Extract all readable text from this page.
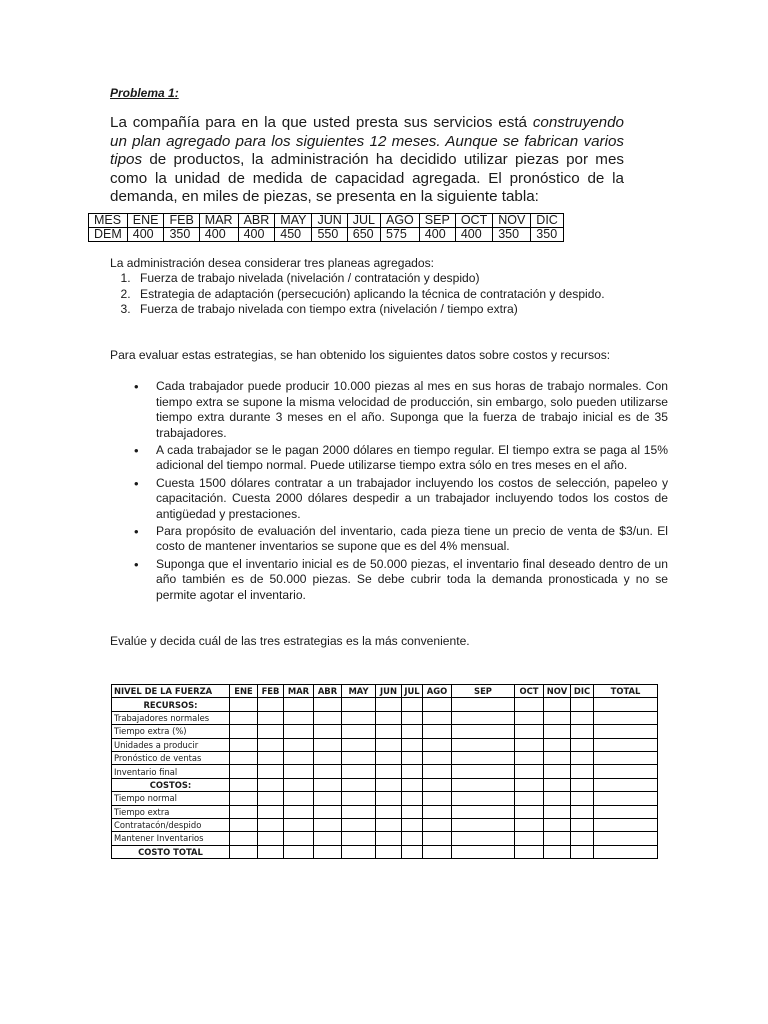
Problema 1:
La compañía para en la que usted presta sus servicios está construyendo un plan agregado para los siguientes 12 meses. Aunque se fabrican varios tipos de productos, la administración ha decidido utilizar piezas por mes como la unidad de medida de capacidad agregada. El pronóstico de la demanda, en miles de piezas, se presenta en la siguiente tabla:
MES	ENE	FEB	MAR	ABR	MAY	JUN	JUL	AGO	SEP	OCT	NOV	DIC
DEM	400	350	400	400	450	550	650	575	400	400	350	350
La administración desea considerar tres planeas agregados:
1. Fuerza de trabajo nivelada (nivelación / contratación y despido)
2. Estrategia de adaptación (persecución) aplicando la técnica de contratación y despido.
3. Fuerza de trabajo nivelada con tiempo extra (nivelación / tiempo extra)
Para evaluar estas estrategias, se han obtenido los siguientes datos sobre costos y recursos:
• Cada trabajador puede producir 10.000 piezas al mes en sus horas de trabajo normales. Con tiempo extra se supone la misma velocidad de producción, sin embargo, solo pueden utilizarse tiempo extra durante 3 meses en el año. Suponga que la fuerza de trabajo inicial es de 35 trabajadores.
• A cada trabajador se le pagan 2000 dólares en tiempo regular. El tiempo extra se paga al 15% adicional del tiempo normal. Puede utilizarse tiempo extra sólo en tres meses en el año.
• Cuesta 1500 dólares contratar a un trabajador incluyendo los costos de selección, papeleo y capacitación. Cuesta 2000 dólares despedir a un trabajador incluyendo todos los costos de antigüedad y prestaciones.
• Para propósito de evaluación del inventario, cada pieza tiene un precio de venta de $3/un. El costo de mantener inventarios se supone que es del 4% mensual.
• Suponga que el inventario inicial es de 50.000 piezas, el inventario final deseado dentro de un año también es de 50.000 piezas. Se debe cubrir toda la demanda pronosticada y no se permite agotar el inventario.
Evalúe y decida cuál de las tres estrategias es la más conveniente.
NIVEL DE LA FUERZA	ENE	FEB	MAR	ABR	MAY	JUN	JUL	AGO	SEP	OCT	NOV	DIC	TOTAL
RECURSOS:													
Trabajadores normales													
Tiempo extra (%)													
Unidades a producir													
Pronóstico de ventas													
Inventario final													
COSTOS:													
Tiempo normal													
Tiempo extra													
Contratacón/despido													
Mantener Inventarios													
COSTO TOTAL													
